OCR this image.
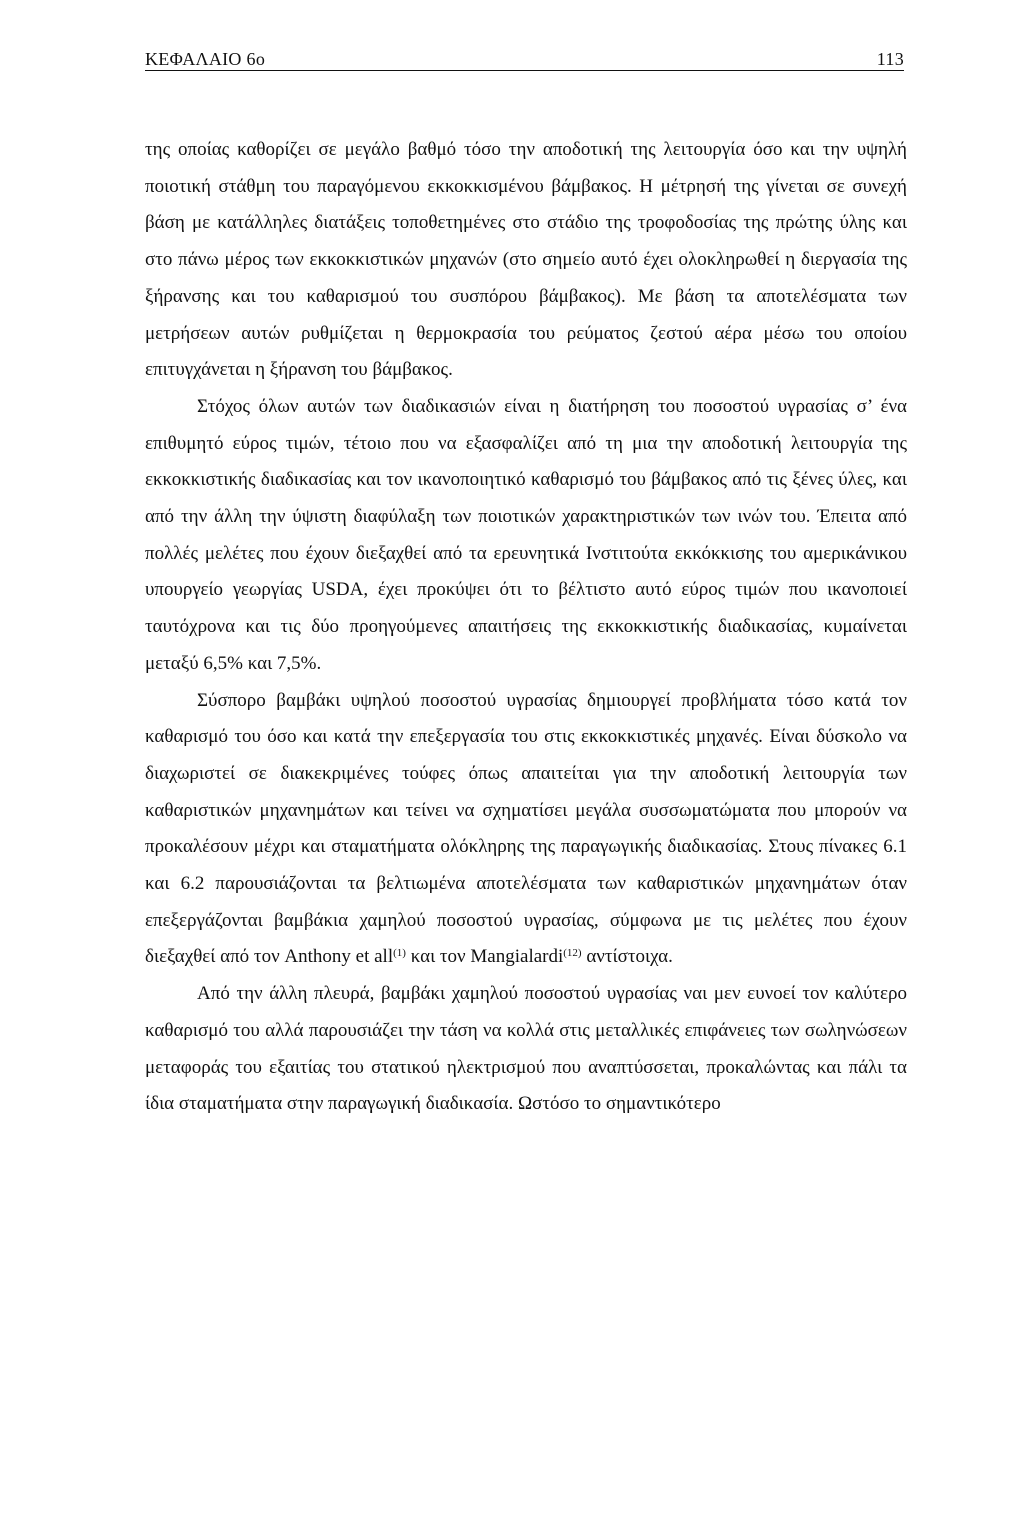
ΚΕΦΑΛΑΙΟ 6ο	113

της οποίας καθορίζει σε μεγάλο βαθμό τόσο την αποδοτική της λειτουργία όσο και την υψηλή ποιοτική στάθμη του παραγόμενου εκκοκκισμένου βάμβακος. Η μέτρησή της γίνεται σε συνεχή βάση με κατάλληλες διατάξεις τοποθετημένες στο στάδιο της τροφοδοσίας της πρώτης ύλης και στο πάνω μέρος των εκκοκκιστικών μηχανών (στο σημείο αυτό έχει ολοκληρωθεί η διεργασία της ξήρανσης και του καθαρισμού του συσπόρου βάμβακος). Με βάση τα αποτελέσματα των μετρήσεων αυτών ρυθμίζεται η θερμοκρασία του ρεύματος ζεστού αέρα μέσω του οποίου επιτυγχάνεται η ξήρανση του βάμβακος.

Στόχος όλων αυτών των διαδικασιών είναι η διατήρηση του ποσοστού υγρασίας σ’ ένα επιθυμητό εύρος τιμών, τέτοιο που να εξασφαλίζει από τη μια την αποδοτική λειτουργία της εκκοκκιστικής διαδικασίας και τον ικανοποιητικό καθαρισμό του βάμβακος από τις ξένες ύλες, και από την άλλη την ύψιστη διαφύλαξη των ποιοτικών χαρακτηριστικών των ινών του. Έπειτα από πολλές μελέτες που έχουν διεξαχθεί από τα ερευνητικά Ινστιτούτα εκκόκκισης του αμερικάνικου υπουργείο γεωργίας USDA, έχει προκύψει ότι το βέλτιστο αυτό εύρος τιμών που ικανοποιεί ταυτόχρονα και τις δύο προηγούμενες απαιτήσεις της εκκοκκιστικής διαδικασίας, κυμαίνεται μεταξύ 6,5% και 7,5%.

Σύσπορο βαμβάκι υψηλού ποσοστού υγρασίας δημιουργεί προβλήματα τόσο κατά τον καθαρισμό του όσο και κατά την επεξεργασία του στις εκκοκκιστικές μηχανές. Είναι δύσκολο να διαχωριστεί σε διακεκριμένες τούφες όπως απαιτείται για την αποδοτική λειτουργία των καθαριστικών μηχανημάτων και τείνει να σχηματίσει μεγάλα συσσωματώματα που μπορούν να προκαλέσουν μέχρι και σταματήματα ολόκληρης της παραγωγικής διαδικασίας. Στους πίνακες 6.1 και 6.2 παρουσιάζονται τα βελτιωμένα αποτελέσματα των καθαριστικών μηχανημάτων όταν επεξεργάζονται βαμβάκια χαμηλού ποσοστού υγρασίας, σύμφωνα με τις μελέτες που έχουν διεξαχθεί από τον Anthony et all$^{(1)}$ και τον Mangialardi$^{(12)}$ αντίστοιχα.

Από την άλλη πλευρά, βαμβάκι χαμηλού ποσοστού υγρασίας ναι μεν ευνοεί τον καλύτερο καθαρισμό του αλλά παρουσιάζει την τάση να κολλά στις μεταλλικές επιφάνειες των σωληνώσεων μεταφοράς του εξαιτίας του στατικού ηλεκτρισμού που αναπτύσσεται, προκαλώντας και πάλι τα ίδια σταματήματα στην παραγωγική διαδικασία. Ωστόσο το σημαντικότερο
